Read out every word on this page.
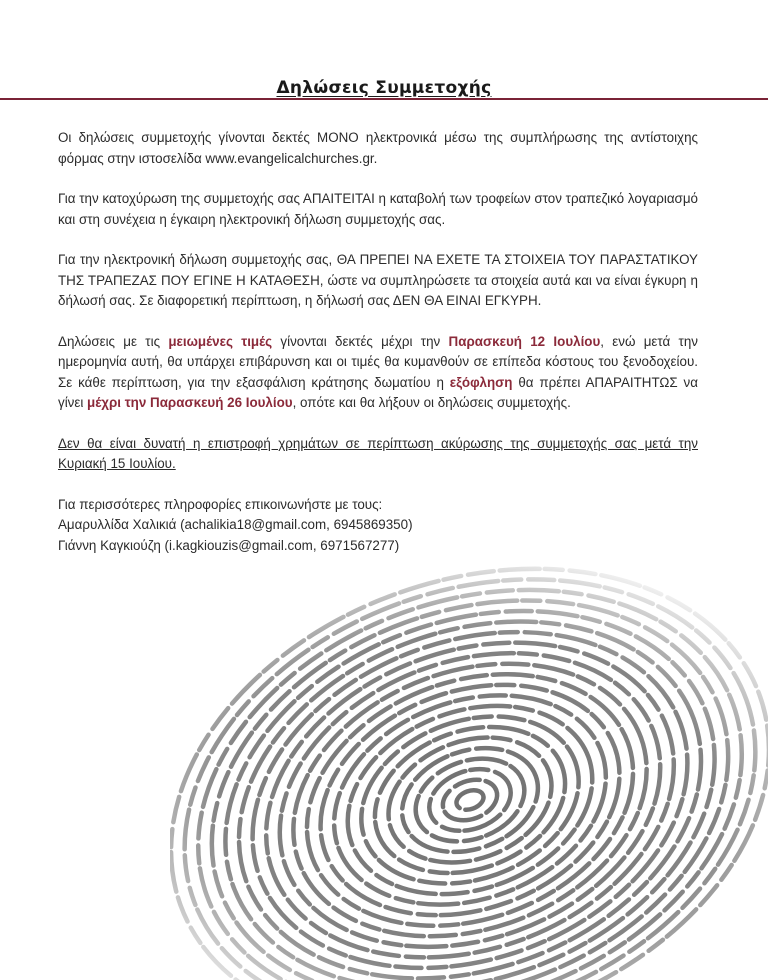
Δηλώσεις Συμμετοχής

Οι δηλώσεις συμμετοχής γίνονται δεκτές ΜΟΝΟ ηλεκτρονικά μέσω της συμπλήρωσης της αντίστοιχης φόρμας στην ιστοσελίδα www.evangelicalchurches.gr.

Για την κατοχύρωση της συμμετοχής σας ΑΠΑΙΤΕΙΤΑΙ η καταβολή των τροφείων στον τραπεζικό λογαριασμό και στη συνέχεια η έγκαιρη ηλεκτρονική δήλωση συμμετοχής σας.

Για την ηλεκτρονική δήλωση συμμετοχής σας, ΘΑ ΠΡΕΠΕΙ ΝΑ ΕΧΕΤΕ ΤΑ ΣΤΟΙΧΕΙΑ ΤΟΥ ΠΑΡΑΣΤΑΤΙΚΟΥ ΤΗΣ ΤΡΑΠΕΖΑΣ ΠΟΥ ΕΓΙΝΕ Η ΚΑΤΑΘΕΣΗ, ώστε να συμπληρώσετε τα στοιχεία αυτά και να είναι έγκυρη η δήλωσή σας. Σε διαφορετική περίπτωση, η δήλωσή σας ΔΕΝ ΘΑ ΕΙΝΑΙ ΕΓΚΥΡΗ.

Δηλώσεις με τις μειωμένες τιμές γίνονται δεκτές μέχρι την Παρασκευή 12 Ιουλίου, ενώ μετά την ημερομηνία αυτή, θα υπάρχει επιβάρυνση και οι τιμές θα κυμανθούν σε επίπεδα κόστους του ξενοδοχείου. Σε κάθε περίπτωση, για την εξασφάλιση κράτησης δωματίου η εξόφληση θα πρέπει ΑΠΑΡΑΙΤΗΤΩΣ να γίνει μέχρι την Παρασκευή 26 Ιουλίου, οπότε και θα λήξουν οι δηλώσεις συμμετοχής.

Δεν θα είναι δυνατή η επιστροφή χρημάτων σε περίπτωση ακύρωσης της συμμετοχής σας μετά την Κυριακή 15 Ιουλίου.

Για περισσότερες πληροφορίες επικοινωνήστε με τους:

Αμαρυλλίδα Χαλικιά (achalikia18@gmail.com, 6945869350)

Γιάννη Καγκιούζη (i.kagkiouzis@gmail.com, 6971567277)
